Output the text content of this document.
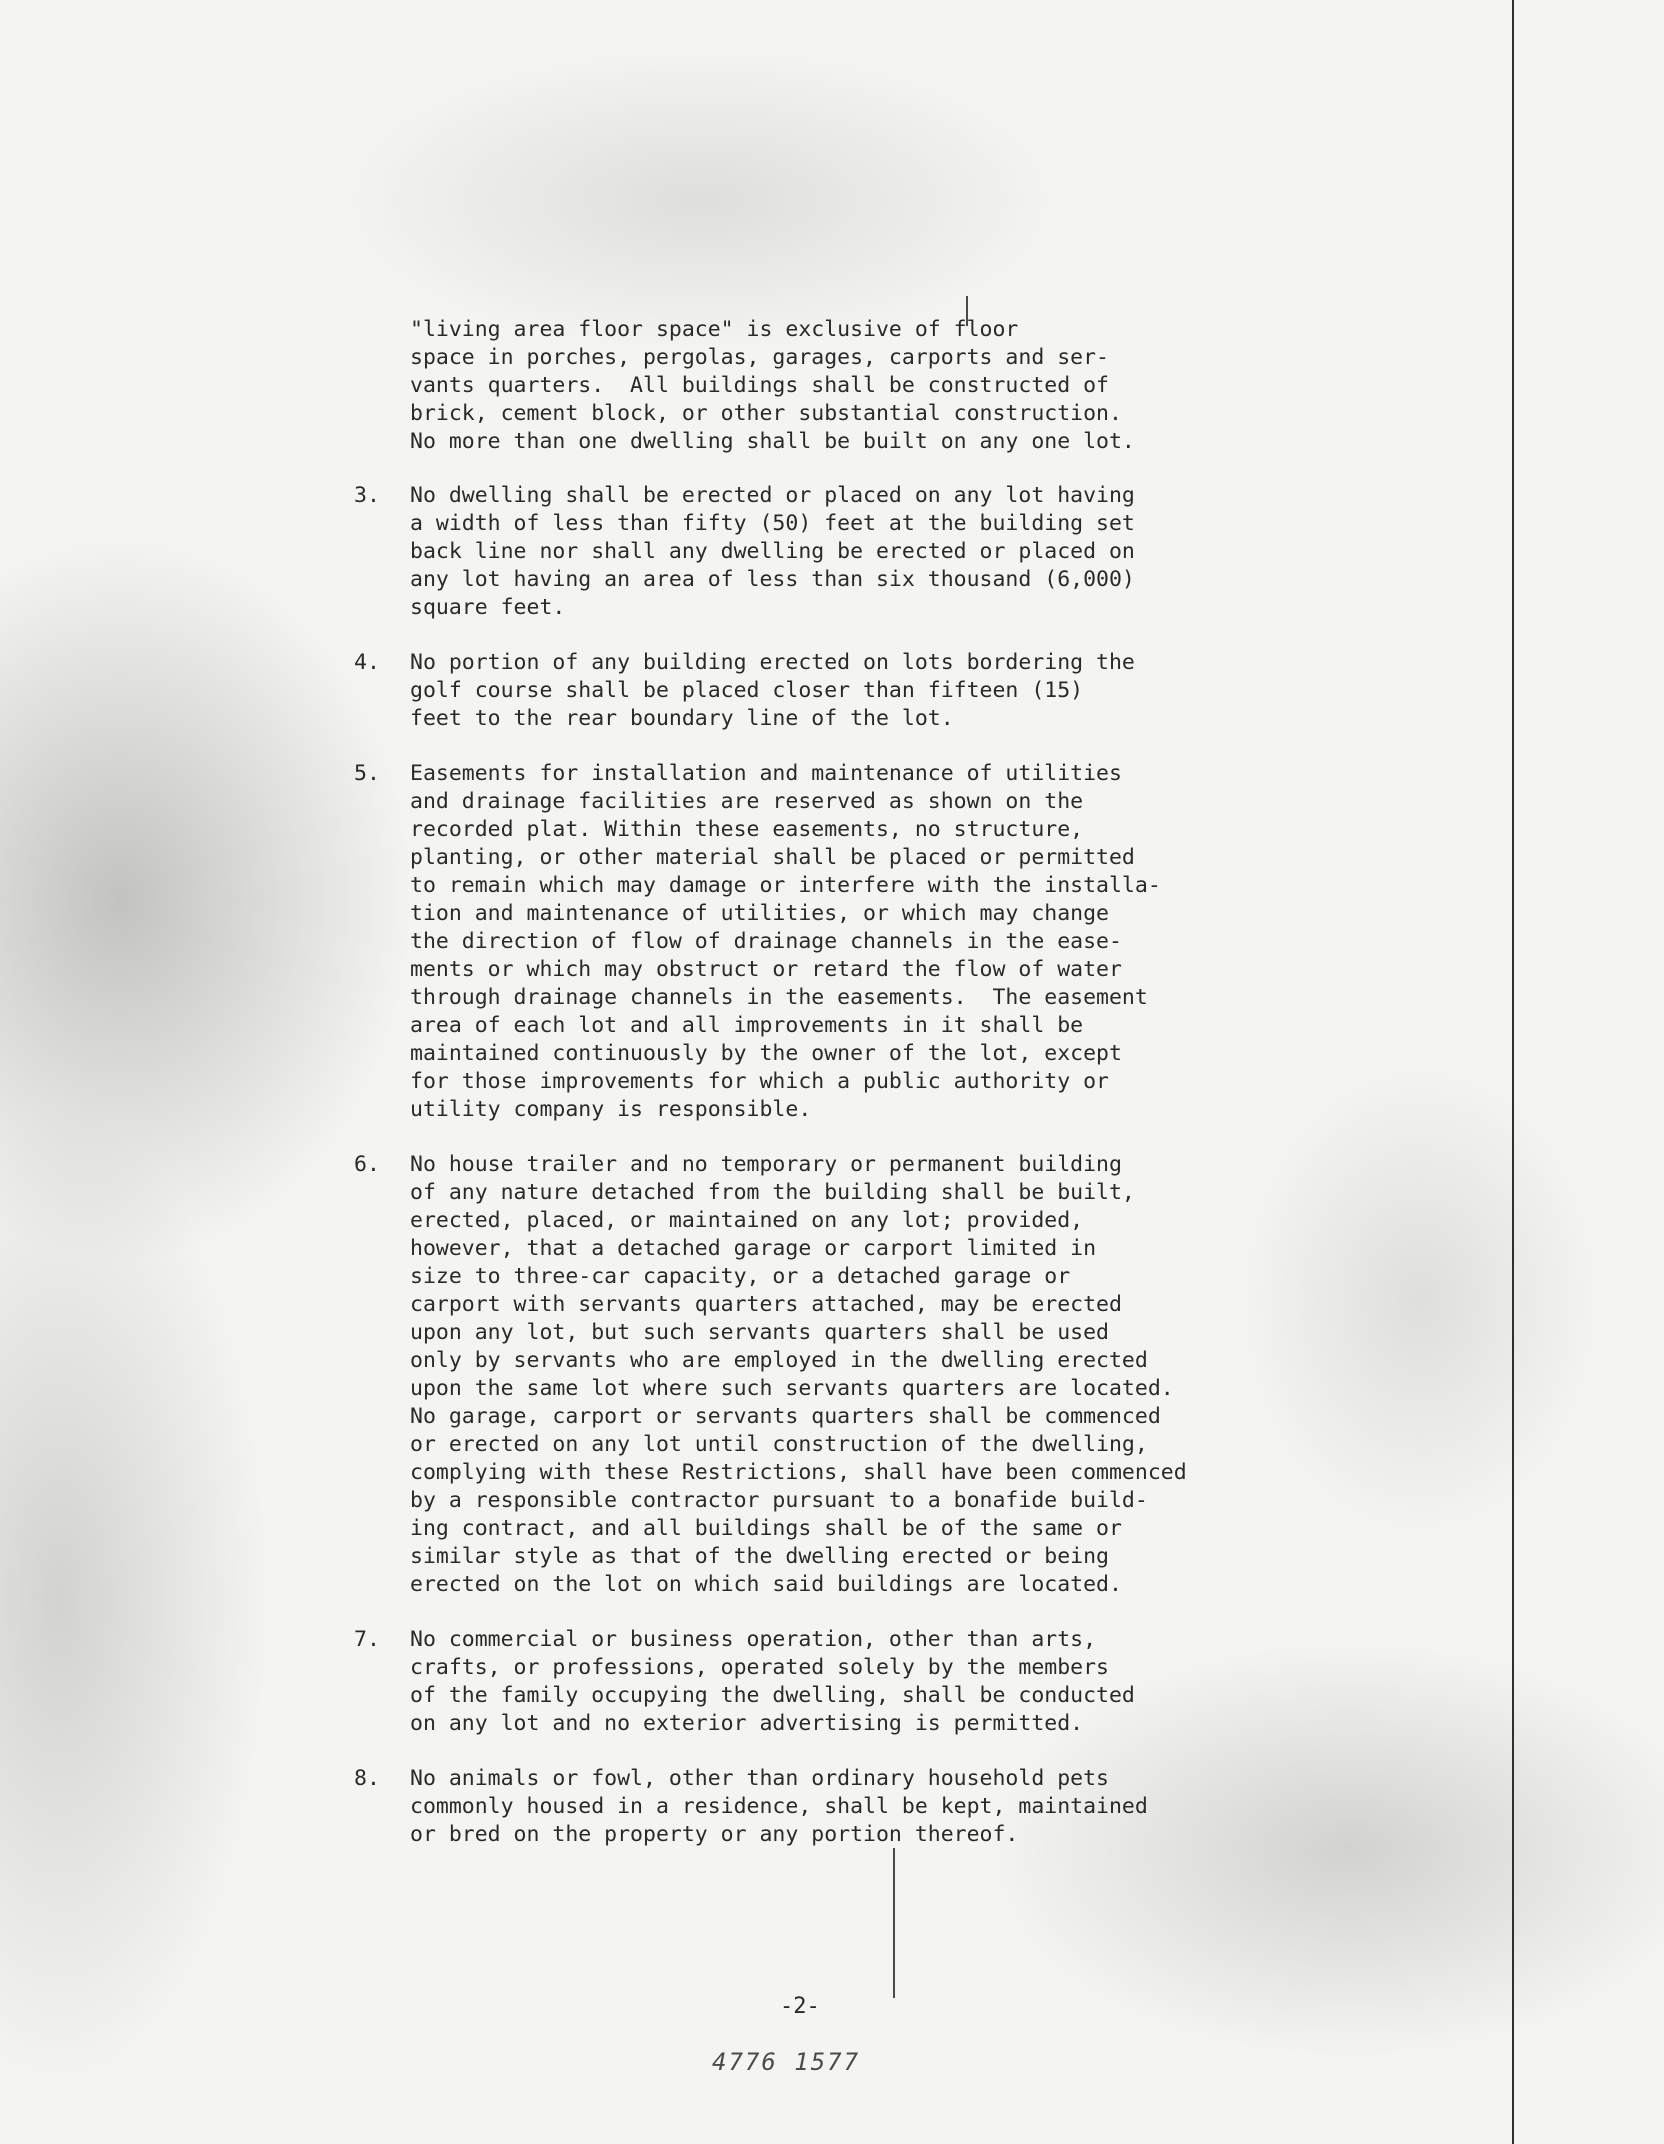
"living area floor space" is exclusive of floor
space in porches, pergolas, garages, carports and ser-
vants quarters.  All buildings shall be constructed of
brick, cement block, or other substantial construction.
No more than one dwelling shall be built on any one lot.
3. No dwelling shall be erected or placed on any lot having
a width of less than fifty (50) feet at the building set
back line nor shall any dwelling be erected or placed on
any lot having an area of less than six thousand (6,000)
square feet.
4. No portion of any building erected on lots bordering the
golf course shall be placed closer than fifteen (15)
feet to the rear boundary line of the lot.
5. Easements for installation and maintenance of utilities
and drainage facilities are reserved as shown on the
recorded plat. Within these easements, no structure,
planting, or other material shall be placed or permitted
to remain which may damage or interfere with the installa-
tion and maintenance of utilities, or which may change
the direction of flow of drainage channels in the ease-
ments or which may obstruct or retard the flow of water
through drainage channels in the easements.  The easement
area of each lot and all improvements in it shall be
maintained continuously by the owner of the lot, except
for those improvements for which a public authority or
utility company is responsible.
6. No house trailer and no temporary or permanent building
of any nature detached from the building shall be built,
erected, placed, or maintained on any lot; provided,
however, that a detached garage or carport limited in
size to three-car capacity, or a detached garage or
carport with servants quarters attached, may be erected
upon any lot, but such servants quarters shall be used
only by servants who are employed in the dwelling erected
upon the same lot where such servants quarters are located.
No garage, carport or servants quarters shall be commenced
or erected on any lot until construction of the dwelling,
complying with these Restrictions, shall have been commenced
by a responsible contractor pursuant to a bonafide build-
ing contract, and all buildings shall be of the same or
similar style as that of the dwelling erected or being
erected on the lot on which said buildings are located.
7. No commercial or business operation, other than arts,
crafts, or professions, operated solely by the members
of the family occupying the dwelling, shall be conducted
on any lot and no exterior advertising is permitted.
8. No animals or fowl, other than ordinary household pets
commonly housed in a residence, shall be kept, maintained
or bred on the property or any portion thereof.
-2-
4776 1577
